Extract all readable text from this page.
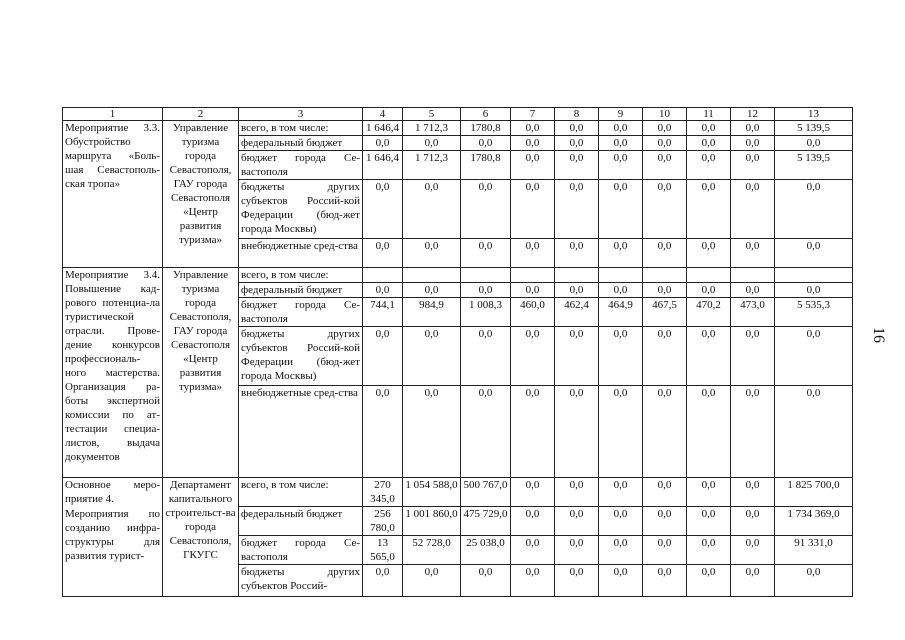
1	2	3	4	5	6	7	8	9	10	11	12	13
Мероприятие 3.3. Обустройство маршрута «Боль-шая Севастополь-ская тропа»	Управление туризма города Севастополя, ГАУ города Севастополя «Центр развития туризма»	всего, в том числе:	1 646,4	1 712,3	1780,8	0,0	0,0	0,0	0,0	0,0	0,0	5 139,5
		федеральный бюджет	0,0	0,0	0,0	0,0	0,0	0,0	0,0	0,0	0,0	0,0
		бюджет города Се-вастополя	1 646,4	1 712,3	1780,8	0,0	0,0	0,0	0,0	0,0	0,0	5 139,5
		бюджеты других субъектов Россий-кой Федерации (бюд-жет города Москвы)	0,0	0,0	0,0	0,0	0,0	0,0	0,0	0,0	0,0	0,0
		внебюджетные сред-ства	0,0	0,0	0,0	0,0	0,0	0,0	0,0	0,0	0,0	0,0
Мероприятие 3.4. Повышение кад-рового потенциа-ла туристической отрасли. Прове-дение конкурсов профессиональ-ного мастерства. Организация ра-боты экспертной комиссии по ат-тестации специа-листов, выдача документов	Управление туризма города Севастополя, ГАУ города Севастополя «Центр развития туризма»	всего, в том числе:										
		федеральный бюджет	0,0	0,0	0,0	0,0	0,0	0,0	0,0	0,0	0,0	0,0
		бюджет города Се-вастополя	744,1	984,9	1 008,3	460,0	462,4	464,9	467,5	470,2	473,0	5 535,3
		бюджеты других субъектов Россий-кой Федерации (бюд-жет города Москвы)	0,0	0,0	0,0	0,0	0,0	0,0	0,0	0,0	0,0	0,0
		внебюджетные сред-ства	0,0	0,0	0,0	0,0	0,0	0,0	0,0	0,0	0,0	0,0
Основное меро-приятие 4.	Департамент капитального строительст-ва города Севастополя, ГКУГС	всего, в том числе:	270 345,0	1 054 588,0	500 767,0	0,0	0,0	0,0	0,0	0,0	0,0	1 825 700,0
Мероприятия по созданию инфра-структуры для развития турист-		федеральный бюджет	256 780,0	1 001 860,0	475 729,0	0,0	0,0	0,0	0,0	0,0	0,0	1 734 369,0
		бюджет города Се-вастополя	13 565,0	52 728,0	25 038,0	0,0	0,0	0,0	0,0	0,0	0,0	91 331,0
		бюджеты других субъектов Россий-	0,0	0,0	0,0	0,0	0,0	0,0	0,0	0,0	0,0	0,0
16
